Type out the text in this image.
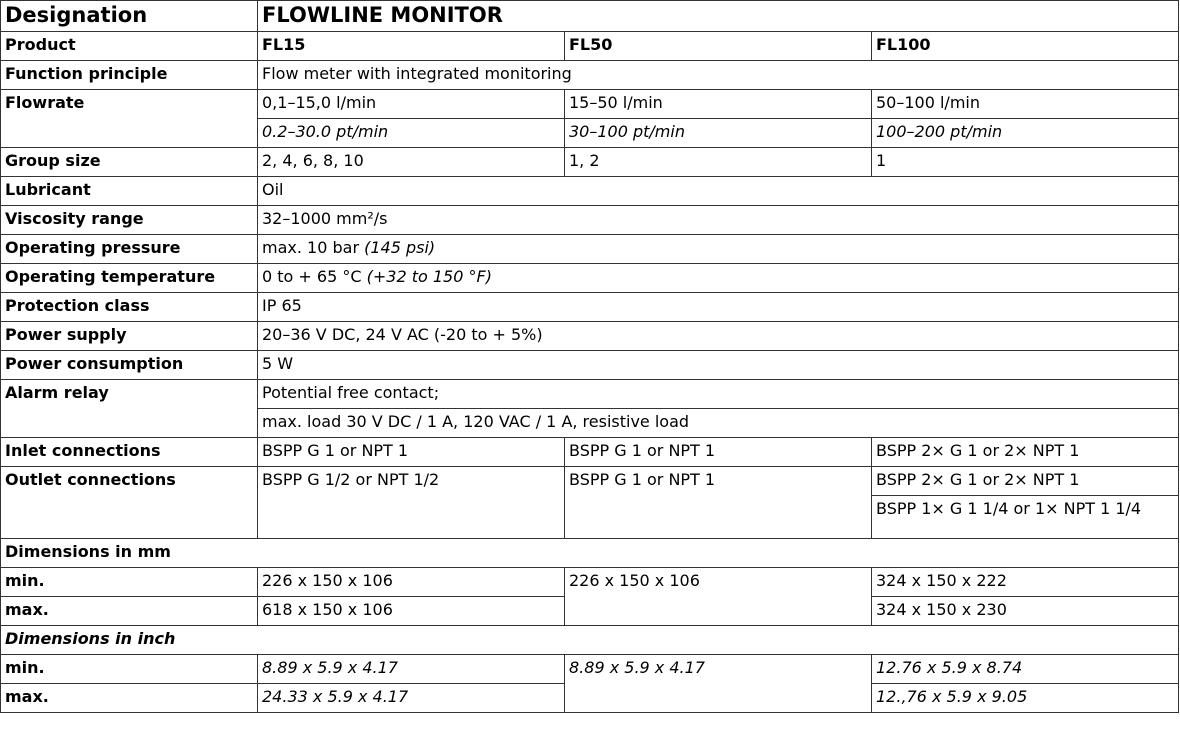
Designation	FLOWLINE MONITOR		
Product	FL15	FL50	FL100
Function principle	Flow meter with integrated monitoring		
Flowrate	0,1–15,0 l/min	15–50 l/min	50–100 l/min
	0.2–30.0 pt/min	30–100 pt/min	100–200 pt/min
Group size	2, 4, 6, 8, 10	1, 2	1
Lubricant	Oil		
Viscosity range	32–1000 mm²/s		
Operating pressure	max. 10 bar (145 psi)		
Operating temperature	0 to + 65 °C (+32 to 150 °F)		
Protection class	IP 65		
Power supply	20–36 V DC, 24 V AC (-20 to + 5%)		
Power consumption	5 W		
Alarm relay	Potential free contact;		
	max. load 30 V DC / 1 A, 120 VAC / 1 A, resistive load		
Inlet connections	BSPP G 1 or NPT 1	BSPP G 1 or NPT 1	BSPP 2× G 1 or 2× NPT 1
Outlet connections	BSPP G 1/2 or NPT 1/2	BSPP G 1 or NPT 1	BSPP 2× G 1 or 2× NPT 1
			BSPP 1× G 1 1/4 or 1× NPT 1 1/4
Dimensions in mm			
min.	226 x 150 x 106	226 x 150 x 106	324 x 150 x 222
max.	618 x 150 x 106		324 x 150 x 230
Dimensions in inch			
min.	8.89 x 5.9 x 4.17	8.89 x 5.9 x 4.17	12.76 x 5.9 x 8.74
max.	24.33 x 5.9 x 4.17		12.,76 x 5.9 x 9.05
